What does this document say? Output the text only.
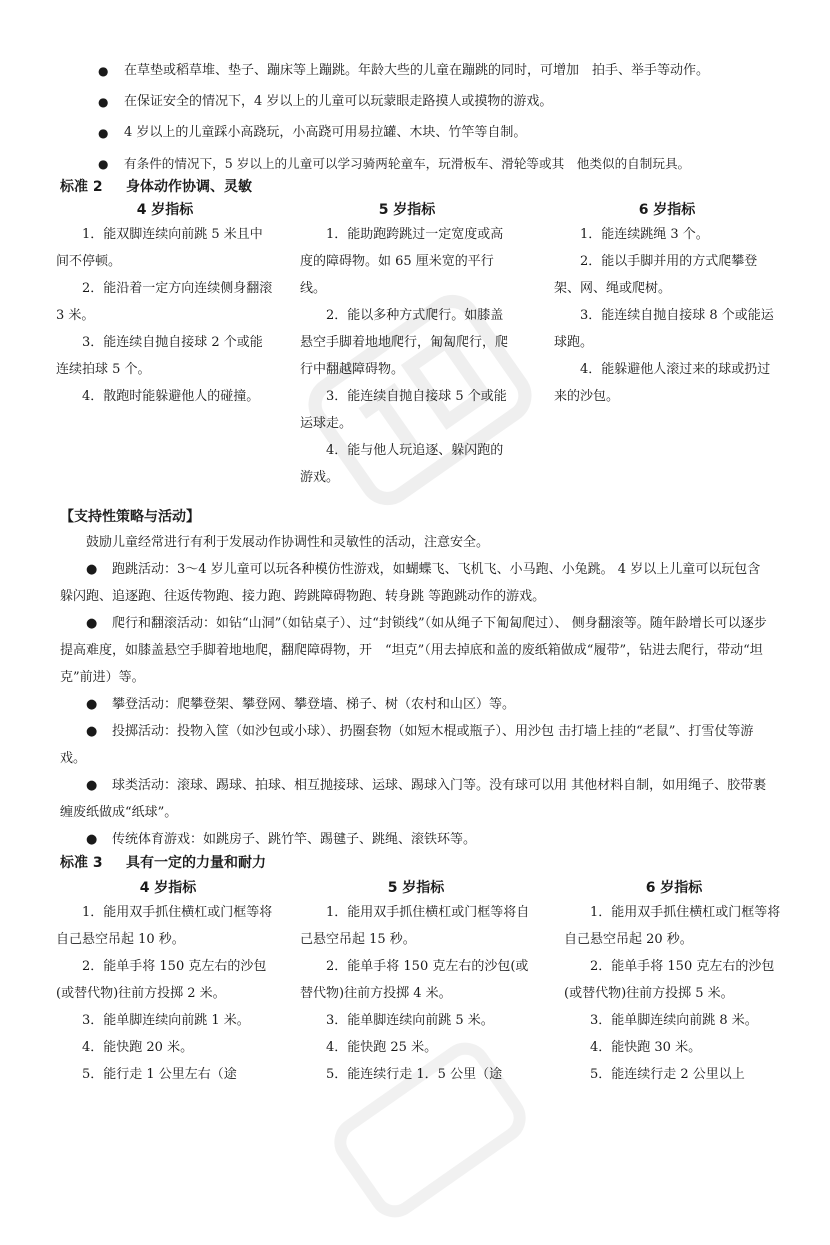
● 在草垫或稻草堆、垫子、蹦床等上蹦跳。年龄大些的儿童在蹦跳的同时，可增加　拍手、举手等动作。
● 在保证安全的情况下，4 岁以上的儿童可以玩蒙眼走路摸人或摸物的游戏。
● 4 岁以上的儿童踩小高跷玩，小高跷可用易拉罐、木块、竹竿等自制。
● 有条件的情况下，5 岁以上的儿童可以学习骑两轮童车，玩滑板车、滑轮等或其　他类似的自制玩具。
标准 2 身体动作协调、灵敏
4 岁指标

1．能双脚连续向前跳 5 米且中间不停顿。

2．能沿着一定方向连续侧身翻滚 3 米。

3．能连续自抛自接球 2 个或能连续拍球 5 个。

4．散跑时能躲避他人的碰撞。

5 岁指标

1．能助跑跨跳过一定宽度或高度的障碍物。如 65 厘米宽的平行线。

2．能以多种方式爬行。如膝盖悬空手脚着地地爬行，匍匐爬行，爬行中翻越障碍物。

3．能连续自抛自接球 5 个或能运球走。

4．能与他人玩追逐、躲闪跑的游戏。

6 岁指标

1．能连续跳绳 3 个。

2．能以手脚并用的方式爬攀登架、网、绳或爬树。

3．能连续自抛自接球 8 个或能运球跑。

4．能躲避他人滚过来的球或扔过来的沙包。

【支持性策略与活动】

鼓励儿童经常进行有利于发展动作协调性和灵敏性的活动，注意安全。

● 跑跳活动：3～4 岁儿童可以玩各种模仿性游戏，如蝴蝶飞、飞机飞、小马跑、小兔跳。 4 岁以上儿童可以玩包含躲闪跑、追逐跑、往返传物跑、接力跑、跨跳障碍物跑、转身跳 等跑跳动作的游戏。

● 爬行和翻滚活动：如钻“山洞”（如钻桌子）、过“封锁线”（如从绳子下匍匐爬过）、 侧身翻滚等。随年龄增长可以逐步提高难度，如膝盖悬空手脚着地地爬，翻爬障碍物，开　“坦克”（用去掉底和盖的废纸箱做成“履带”，钻进去爬行，带动“坦克”前进）等。

● 攀登活动：爬攀登架、攀登网、攀登墙、梯子、树（农村和山区）等。

● 投掷活动：投物入筐（如沙包或小球）、扔圈套物（如短木棍或瓶子）、用沙包 击打墙上挂的“老鼠”、打雪仗等游戏。

● 球类活动：滚球、踢球、拍球、相互抛接球、运球、踢球入门等。没有球可以用 其他材料自制，如用绳子、胶带裹缠废纸做成“纸球”。

● 传统体育游戏：如跳房子、跳竹竿、踢毽子、跳绳、滚铁环等。

标准 3 具有一定的力量和耐力
4 岁指标

1．能用双手抓住横杠或门框等将自己悬空吊起 10 秒。

2．能单手将 150 克左右的沙包(或替代物)往前方投掷 2 米。

3．能单脚连续向前跳 1 米。

4．能快跑 20 米。

5．能行走 1 公里左右（途

5 岁指标

1．能用双手抓住横杠或门框等将自己悬空吊起 15 秒。

2．能单手将 150 克左右的沙包(或替代物)往前方投掷 4 米。

3．能单脚连续向前跳 5 米。

4．能快跑 25 米。

5．能连续行走 1．5 公里（途

6 岁指标

1．能用双手抓住横杠或门框等将自己悬空吊起 20 秒。

2．能单手将 150 克左右的沙包(或替代物)往前方投掷 5 米。

3．能单脚连续向前跳 8 米。

4．能快跑 30 米。

5．能连续行走 2 公里以上
